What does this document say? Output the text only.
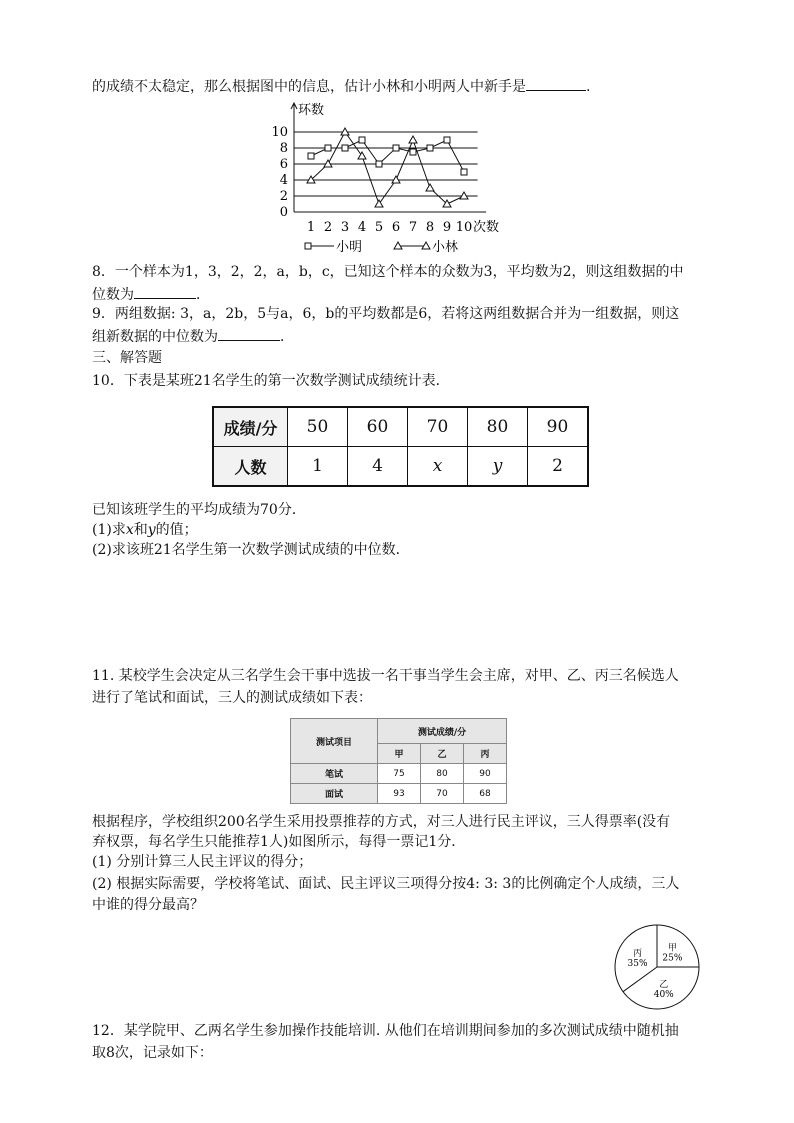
的成绩不太稳定，那么根据图中的信息，估计小林和小明两人中新手是	.
0
2
4
6
8
10
1 2 3 4 5 6 7 8 9 10
环数
次数
小明	小林
8．一个样本为1，3，2，2，a，b，c，已知这个样本的众数为3，平均数为2，则这组数据的中
位数为	．
9．两组数据: 3，a，2b，5与a，6，b的平均数都是6，若将这两组数据合并为一组数据，则这
组新数据的中位数为	．
三、解答题
10．下表是某班21名学生的第一次数学测试成绩统计表．
成绩/分	50	60	70	80	90
人数	1	4	x	y	2
已知该班学生的平均成绩为70分．
(1)求x和y的值；
(2)求该班21名学生第一次数学测试成绩的中位数．
11. 某校学生会决定从三名学生会干事中选拔一名干事当学生会主席，对甲、乙、丙三名候选人
进行了笔试和面试，三人的测试成绩如下表：
测试项目	测试成绩/分		
	甲	乙	丙
笔试	75	80	90
面试	93	70	68
根据程序，学校组织200名学生采用投票推荐的方式，对三人进行民主评议，三人得票率(没有
弃权票，每名学生只能推荐1人)如图所示，每得一票记1分．
(1) 分别计算三人民主评议的得分；
(2) 根据实际需要，学校将笔试、面试、民主评议三项得分按4: 3: 3的比例确定个人成绩，三人
中谁的得分最高？
甲
25%
乙
40%
丙
35%
12．某学院甲、乙两名学生参加操作技能培训. 从他们在培训期间参加的多次测试成绩中随机抽
取8次，记录如下：
